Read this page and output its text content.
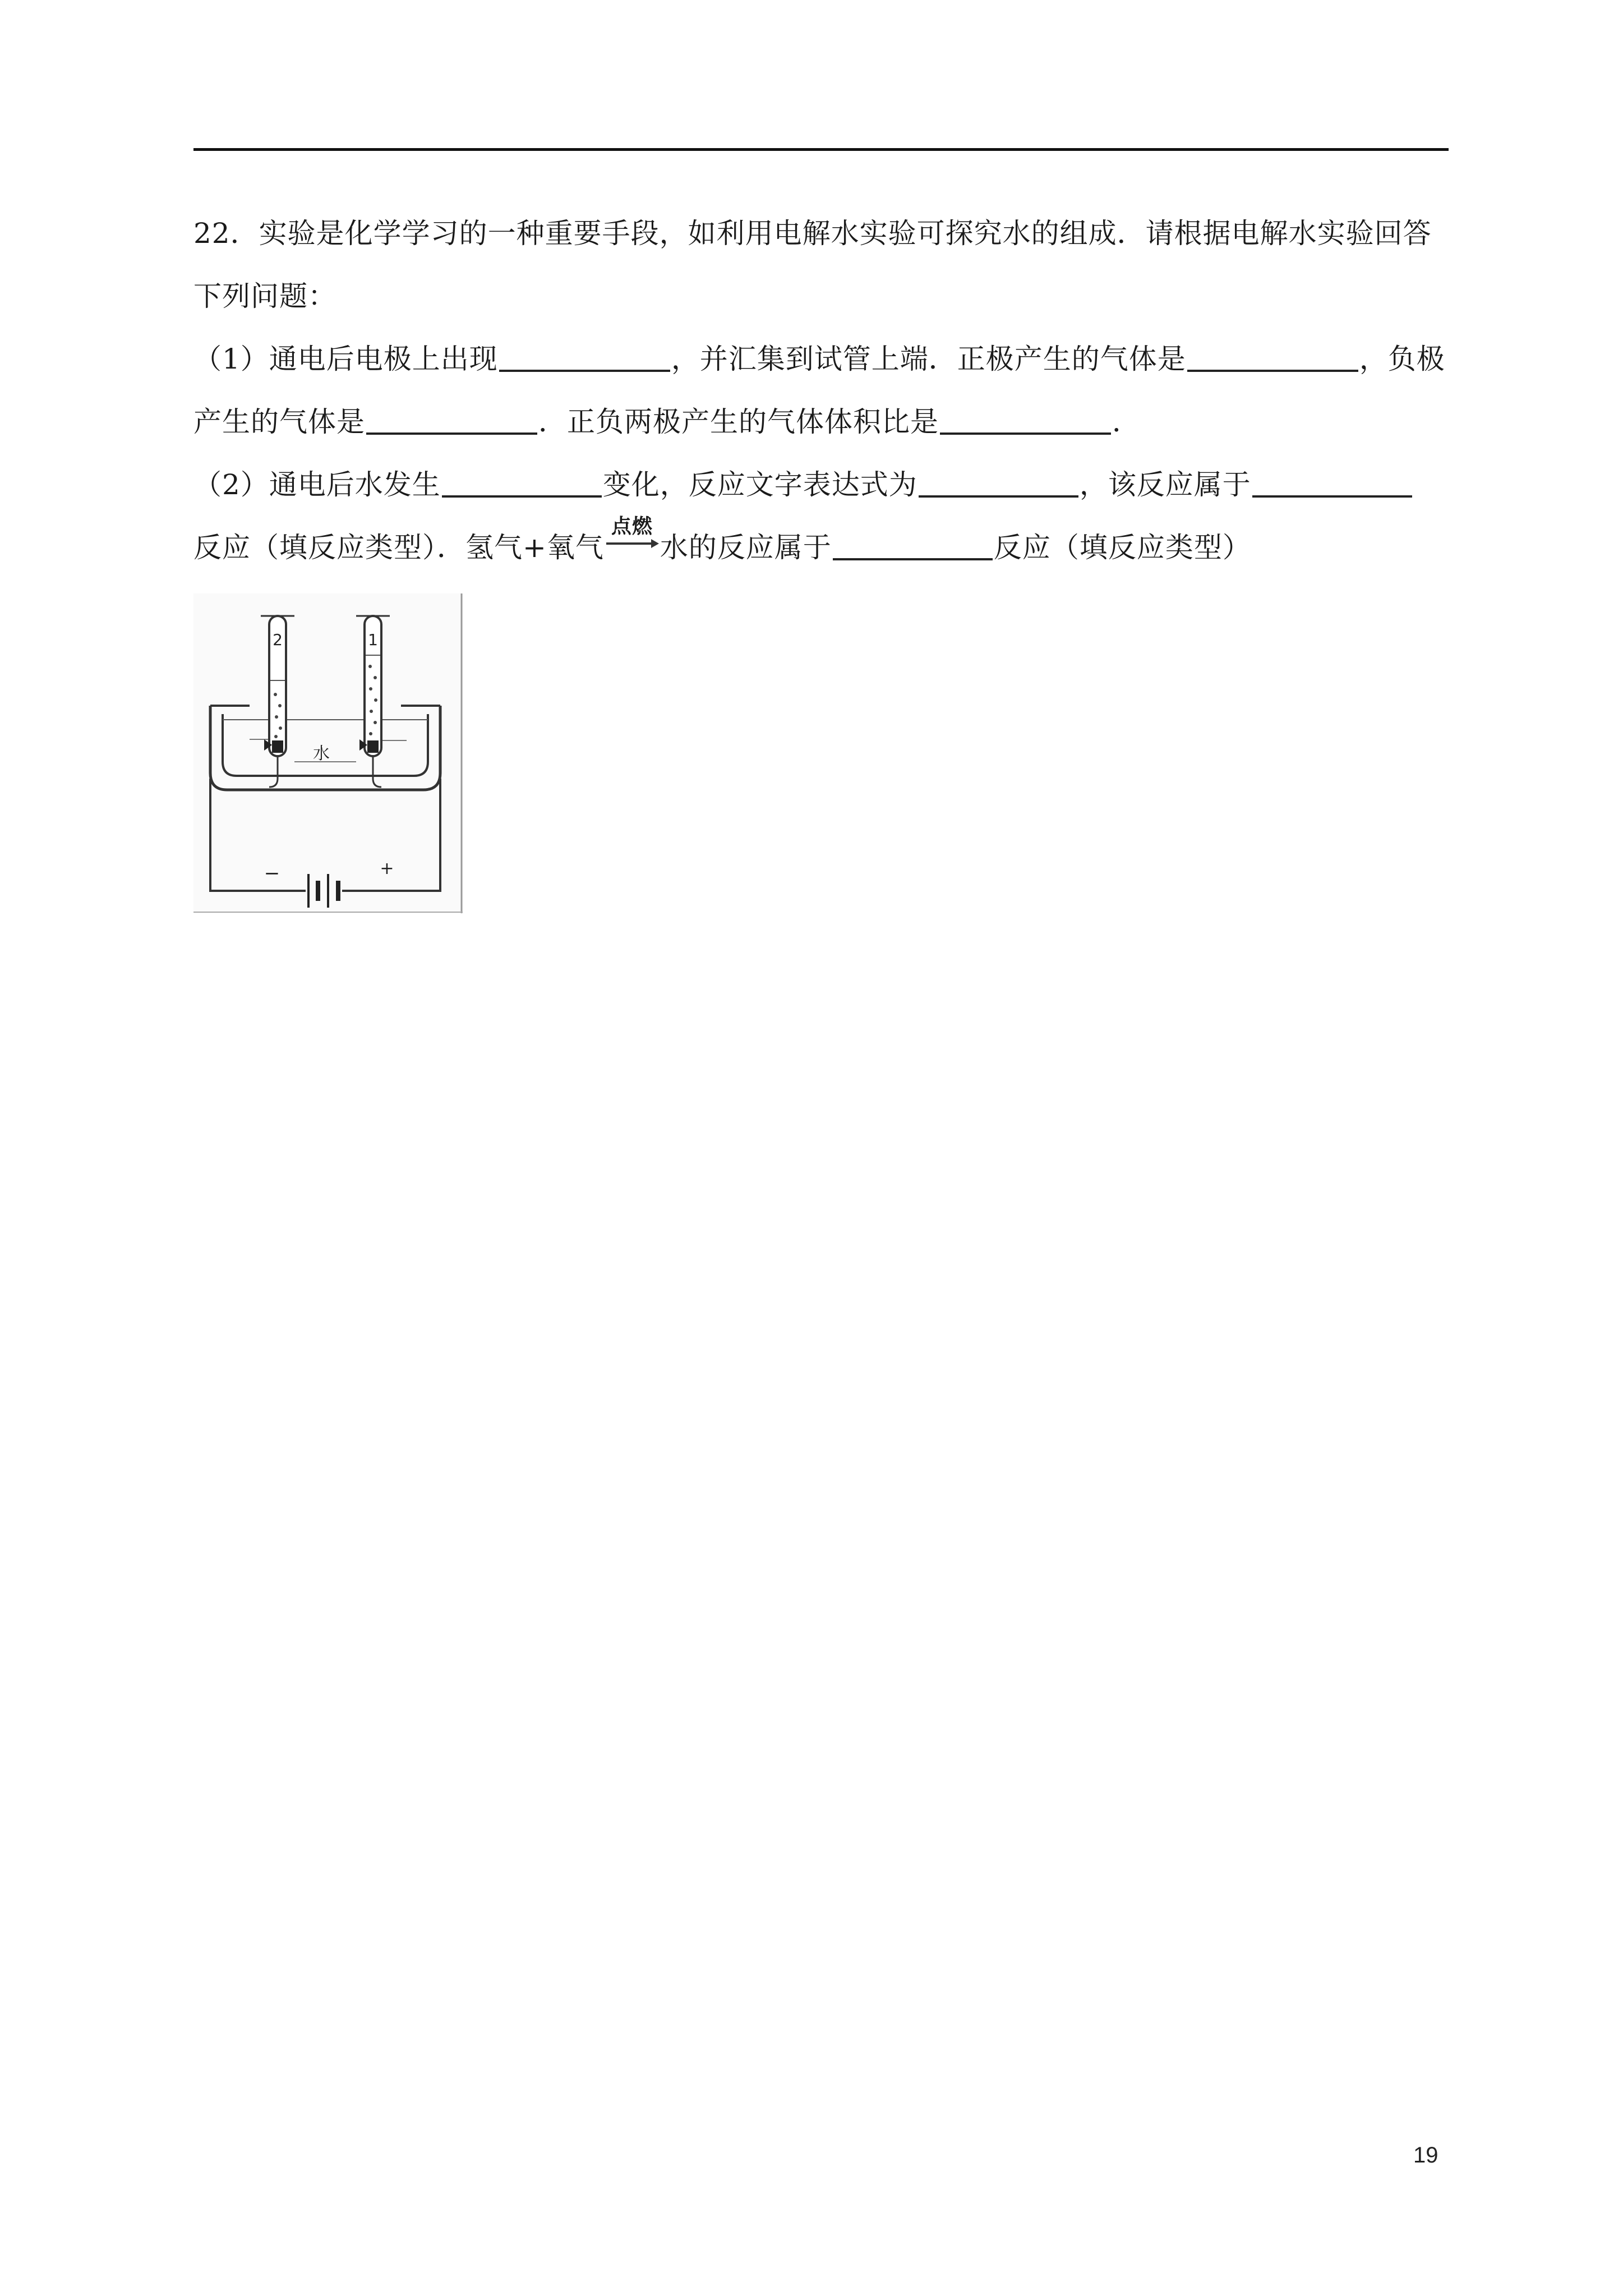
22．实验是化学学习的一种重要手段，如利用电解水实验可探究水的组成．请根据电解水实验回答
下列问题：
（1）通电后电极上出现	，并汇集到试管上端．正极产生的气体是	，负极
产生的气体是	．正负两极产生的气体体积比是	．
（2）通电后水发生	变化，反应文字表达式为	，该反应属于
反应（填反应类型）．氢气+氧气
点燃
水的反应属于	反应（填反应类型）
水
2	1
−	+
19
